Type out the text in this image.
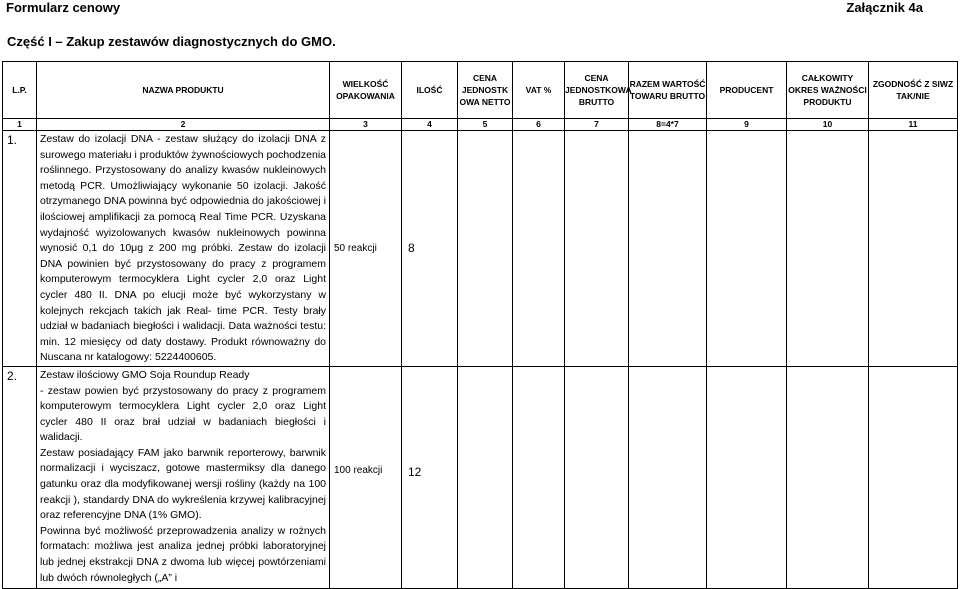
Formularz cenowy	Załącznik 4a
Część I – Zakup zestawów diagnostycznych do GMO.
L.P.	NAZWA PRODUKTU	WIELKOŚĆ OPAKOWANIA	ILOŚĆ	CENA JEDNOSTK OWA NETTO	VAT %	CENA JEDNOSTKOWA BRUTTO	RAZEM WARTOŚĆ TOWARU BRUTTO	PRODUCENT	CAŁKOWITY OKRES WAŻNOŚCI PRODUKTU	ZGODNOŚĆ Z SIWZ TAK/NIE
1	2	3	4	5	6	7	8=4*7	9	10	11
1.	Zestaw do izolacji DNA - zestaw służący do izolacji DNA z surowego materiału i produktów żywnościowych pochodzenia roślinnego. Przystosowany do analizy kwasów nukleinowych metodą PCR. Umożliwiający wykonanie 50 izolacji. Jakość otrzymanego DNA powinna być odpowiednia do jakościowej i ilościowej amplifikacji za pomocą Real Time PCR. Uzyskana wydajność wyizolowanych kwasów nukleinowych powinna wynosić 0,1 do 10μg z 200 mg próbki. Zestaw do izolacji DNA powinien być przystosowany do pracy z programem komputerowym termocyklera Light cycler 2,0 oraz Light cycler 480 II. DNA po elucji może być wykorzystany w kolejnych rekcjach takich jak Real- time PCR. Testy brały udział w badaniach biegłości i walidacji. Data ważności testu: min. 12 miesięcy od daty dostawy. Produkt równoważny do Nuscana nr katalogowy: 5224400605.	50 reakcji	8							
2.	Zestaw ilościowy GMO Soja Roundup Ready

- zestaw powien być przystosowany do pracy z programem komputerowym termocyklera Light cycler 2,0 oraz Light cycler 480 II oraz brał udział w badaniach biegłości i walidacji.

Zestaw posiadający FAM jako barwnik reporterowy, barwnik normalizacji i wyciszacz, gotowe mastermiksy dla danego gatunku oraz dla modyfikowanej wersji rośliny (każdy na 100 reakcji ), standardy DNA do wykreślenia krzywej kalibracyjnej oraz referencyjne DNA (1% GMO).

Powinna być możliwość przeprowadzenia analizy w rożnych formatach: możliwa jest analiza jednej próbki laboratoryjnej lub jednej ekstrakcji DNA z dwoma lub więcej powtórzeniami lub dwóch równoległych („A” i	100 reakcji	12							
